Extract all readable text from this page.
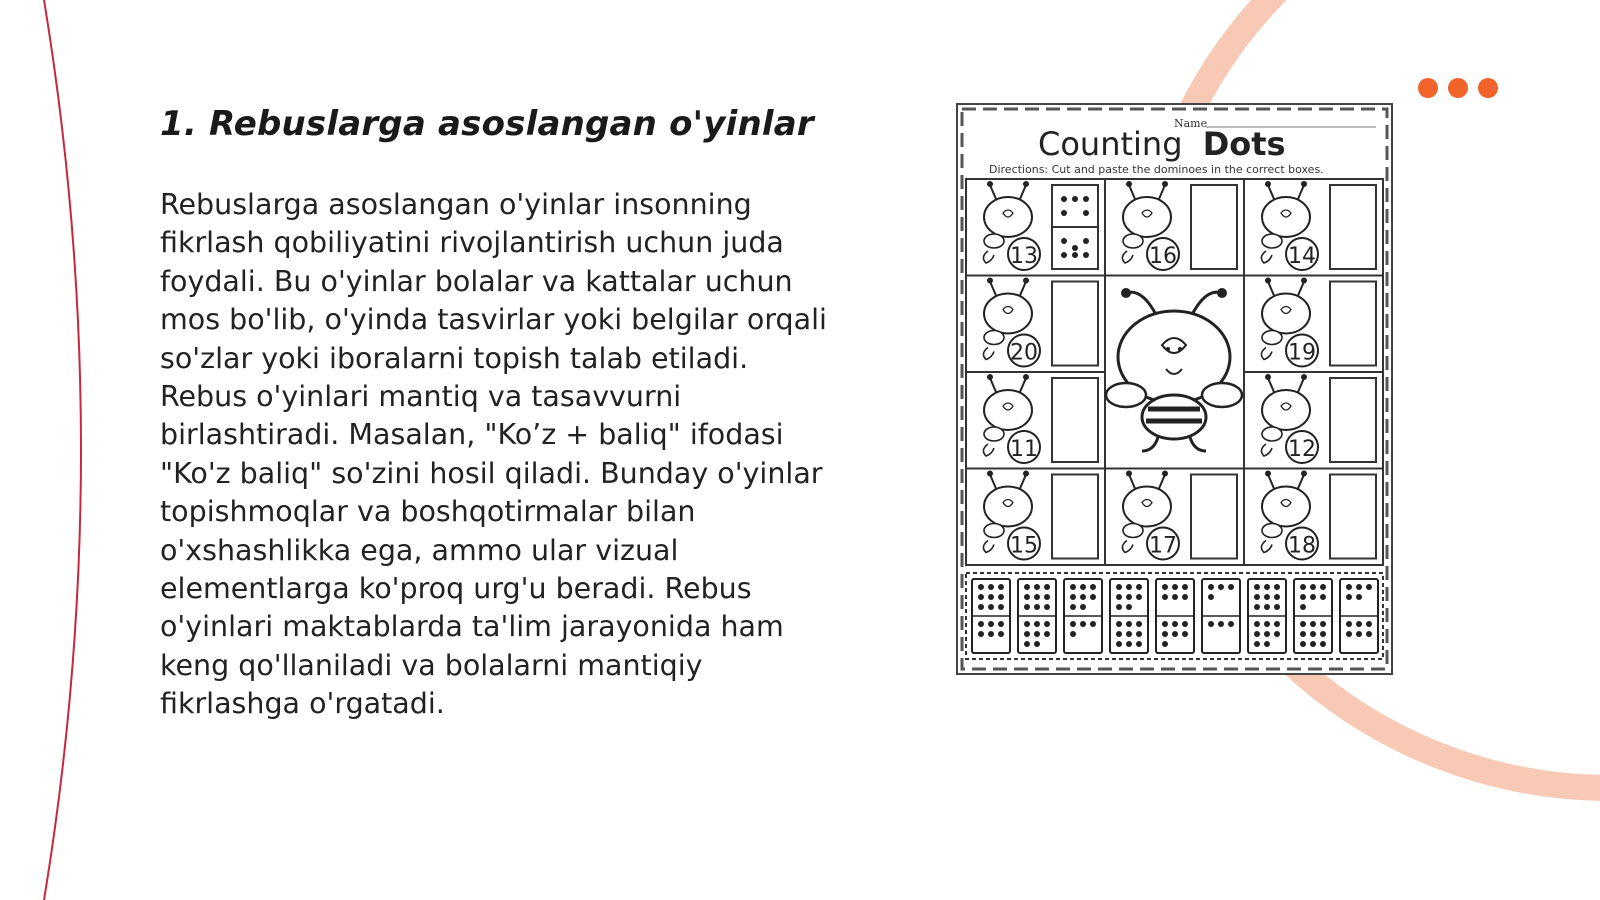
1. Rebuslarga asoslangan o'yinlar

Rebuslarga asoslangan o'yinlar insonning fikrlash qobiliyatini rivojlantirish uchun juda foydali. Bu o'yinlar bolalar va kattalar uchun mos bo'lib, o'yinda tasvirlar yoki belgilar orqali so'zlar yoki iboralarni topish talab etiladi. Rebus o'yinlari mantiq va tasavvurni birlashtiradi. Masalan, "Ko’z + baliq" ifodasi "Ko'z baliq" so'zini hosil qiladi. Bunday o'yinlar topishmoqlar va boshqotirmalar bilan o'xshashlikka ega, ammo ular vizual elementlarga ko'proq urg'u beradi. Rebus o'yinlari maktablarda ta'lim jarayonida ham keng qo'llaniladi va bolalarni mantiqiy fikrlashga o'rgatadi.

Name
Counting Dots
Directions: Cut and paste the dominoes in the correct boxes.
13	16	14
20	19
11	12
15	17	18
